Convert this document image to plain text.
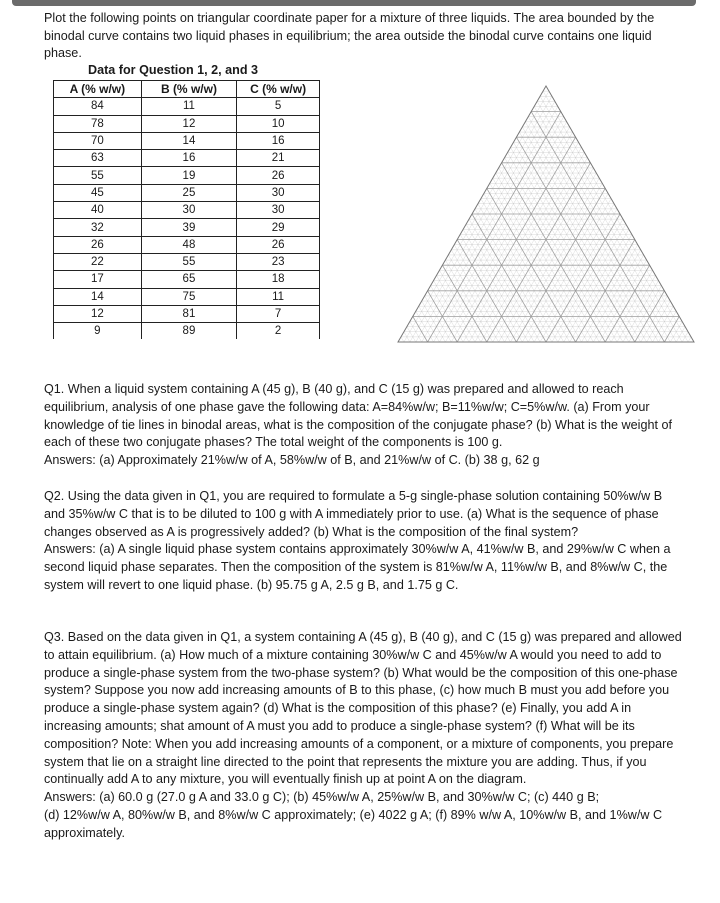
Plot the following points on triangular coordinate paper for a mixture of three liquids. The area bounded by the binodal curve contains two liquid phases in equilibrium; the area outside the binodal curve contains one liquid phase.

Data for Question 1, 2, and 3
A (% w/w)	B (% w/w)	C (% w/w)
84	11	5
78	12	10
70	14	16
63	16	21
55	19	26
45	25	30
40	30	30
32	39	29
26	48	26
22	55	23
17	65	18
14	75	11
12	81	7
9	89	2

Q1. When a liquid system containing A (45 g), B (40 g), and C (15 g) was prepared and allowed to reach equilibrium, analysis of one phase gave the following data: A=84%w/w; B=11%w/w; C=5%w/w. (a) From your knowledge of tie lines in binodal areas, what is the composition of the conjugate phase? (b) What is the weight of each of these two conjugate phases? The total weight of the components is 100 g.

Answers: (a) Approximately 21%w/w of A, 58%w/w of B, and 21%w/w of C. (b) 38 g, 62 g

Q2. Using the data given in Q1, you are required to formulate a 5-g single-phase solution containing 50%w/w B and 35%w/w C that is to be diluted to 100 g with A immediately prior to use. (a) What is the sequence of phase changes observed as A is progressively added? (b) What is the composition of the final system?

Answers: (a) A single liquid phase system contains approximately 30%w/w A, 41%w/w B, and 29%w/w C when a second liquid phase separates. Then the composition of the system is 81%w/w A, 11%w/w B, and 8%w/w C, the system will revert to one liquid phase. (b) 95.75 g A, 2.5 g B, and 1.75 g C.

Q3. Based on the data given in Q1, a system containing A (45 g), B (40 g), and C (15 g) was prepared and allowed to attain equilibrium. (a) How much of a mixture containing 30%w/w C and 45%w/w A would you need to add to produce a single-phase system from the two-phase system? (b) What would be the composition of this one-phase system? Suppose you now add increasing amounts of B to this phase, (c) how much B must you add before you produce a single-phase system again? (d) What is the composition of this phase? (e) Finally, you add A in increasing amounts; shat amount of A must you add to produce a single-phase system? (f) What will be its composition? Note: When you add increasing amounts of a component, or a mixture of components, you prepare system that lie on a straight line directed to the point that represents the mixture you are adding. Thus, if you continually add A to any mixture, you will eventually finish up at point A on the diagram.

Answers: (a) 60.0 g (27.0 g A and 33.0 g C); (b) 45%w/w A, 25%w/w B, and 30%w/w C; (c) 440 g B;

(d) 12%w/w A, 80%w/w B, and 8%w/w C approximately; (e) 4022 g A; (f) 89% w/w A, 10%w/w B, and 1%w/w C approximately.
